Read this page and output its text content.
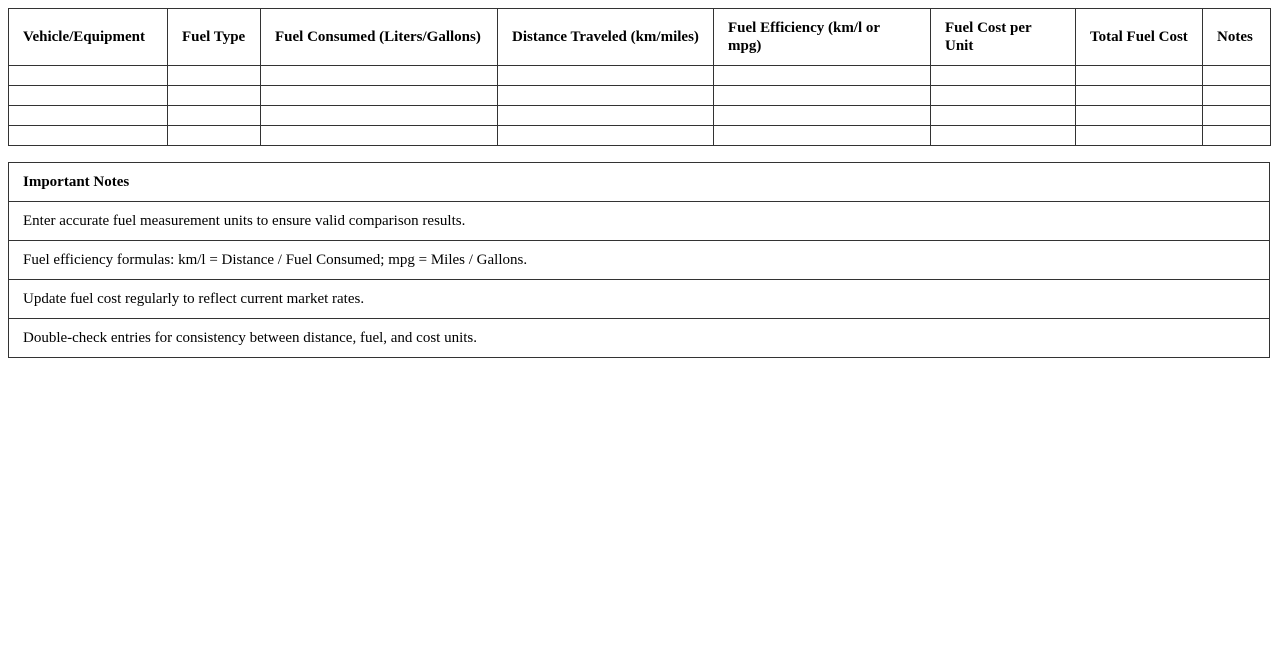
Vehicle/Equipment	Fuel Type	Fuel Consumed (Liters/Gallons)	Distance Traveled (km/miles)	Fuel Efficiency (km/l or mpg)	Fuel Cost per Unit	Total Fuel Cost	Notes

Important Notes
Enter accurate fuel measurement units to ensure valid comparison results.
Fuel efficiency formulas: km/l = Distance / Fuel Consumed; mpg = Miles / Gallons.
Update fuel cost regularly to reflect current market rates.
Double-check entries for consistency between distance, fuel, and cost units.
